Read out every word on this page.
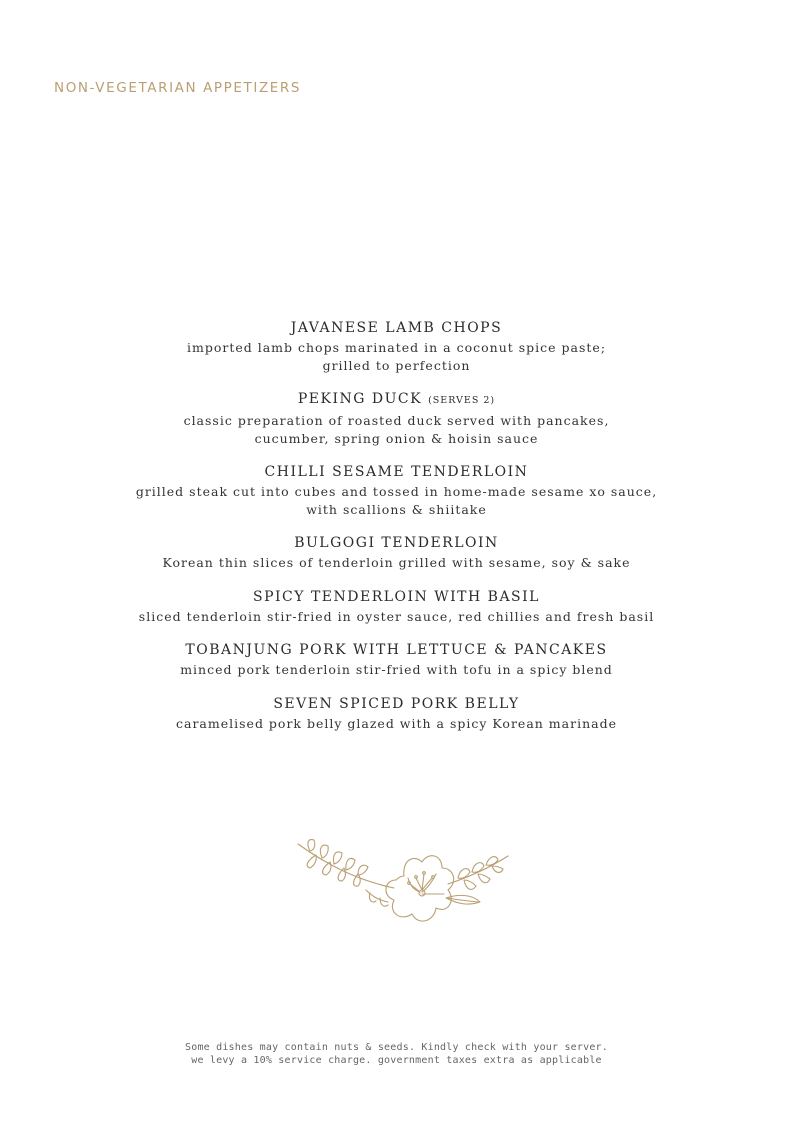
NON-VEGETARIAN APPETIZERS
JAVANESE LAMB CHOPS
imported lamb chops marinated in a coconut spice paste;
grilled to perfection
PEKING DUCK (SERVES 2)
classic preparation of roasted duck served with pancakes,
cucumber, spring onion & hoisin sauce
CHILLI SESAME TENDERLOIN
grilled steak cut into cubes and tossed in home-made sesame xo sauce,
with scallions & shiitake
BULGOGI TENDERLOIN
Korean thin slices of tenderloin grilled with sesame, soy & sake
SPICY TENDERLOIN WITH BASIL
sliced tenderloin stir-fried in oyster sauce, red chillies and fresh basil
TOBANJUNG PORK WITH LETTUCE & PANCAKES
minced pork tenderloin stir-fried with tofu in a spicy blend
SEVEN SPICED PORK BELLY
caramelised pork belly glazed with a spicy Korean marinade
Some dishes may contain nuts & seeds. Kindly check with your server.
we levy a 10% service charge. government taxes extra as applicable
